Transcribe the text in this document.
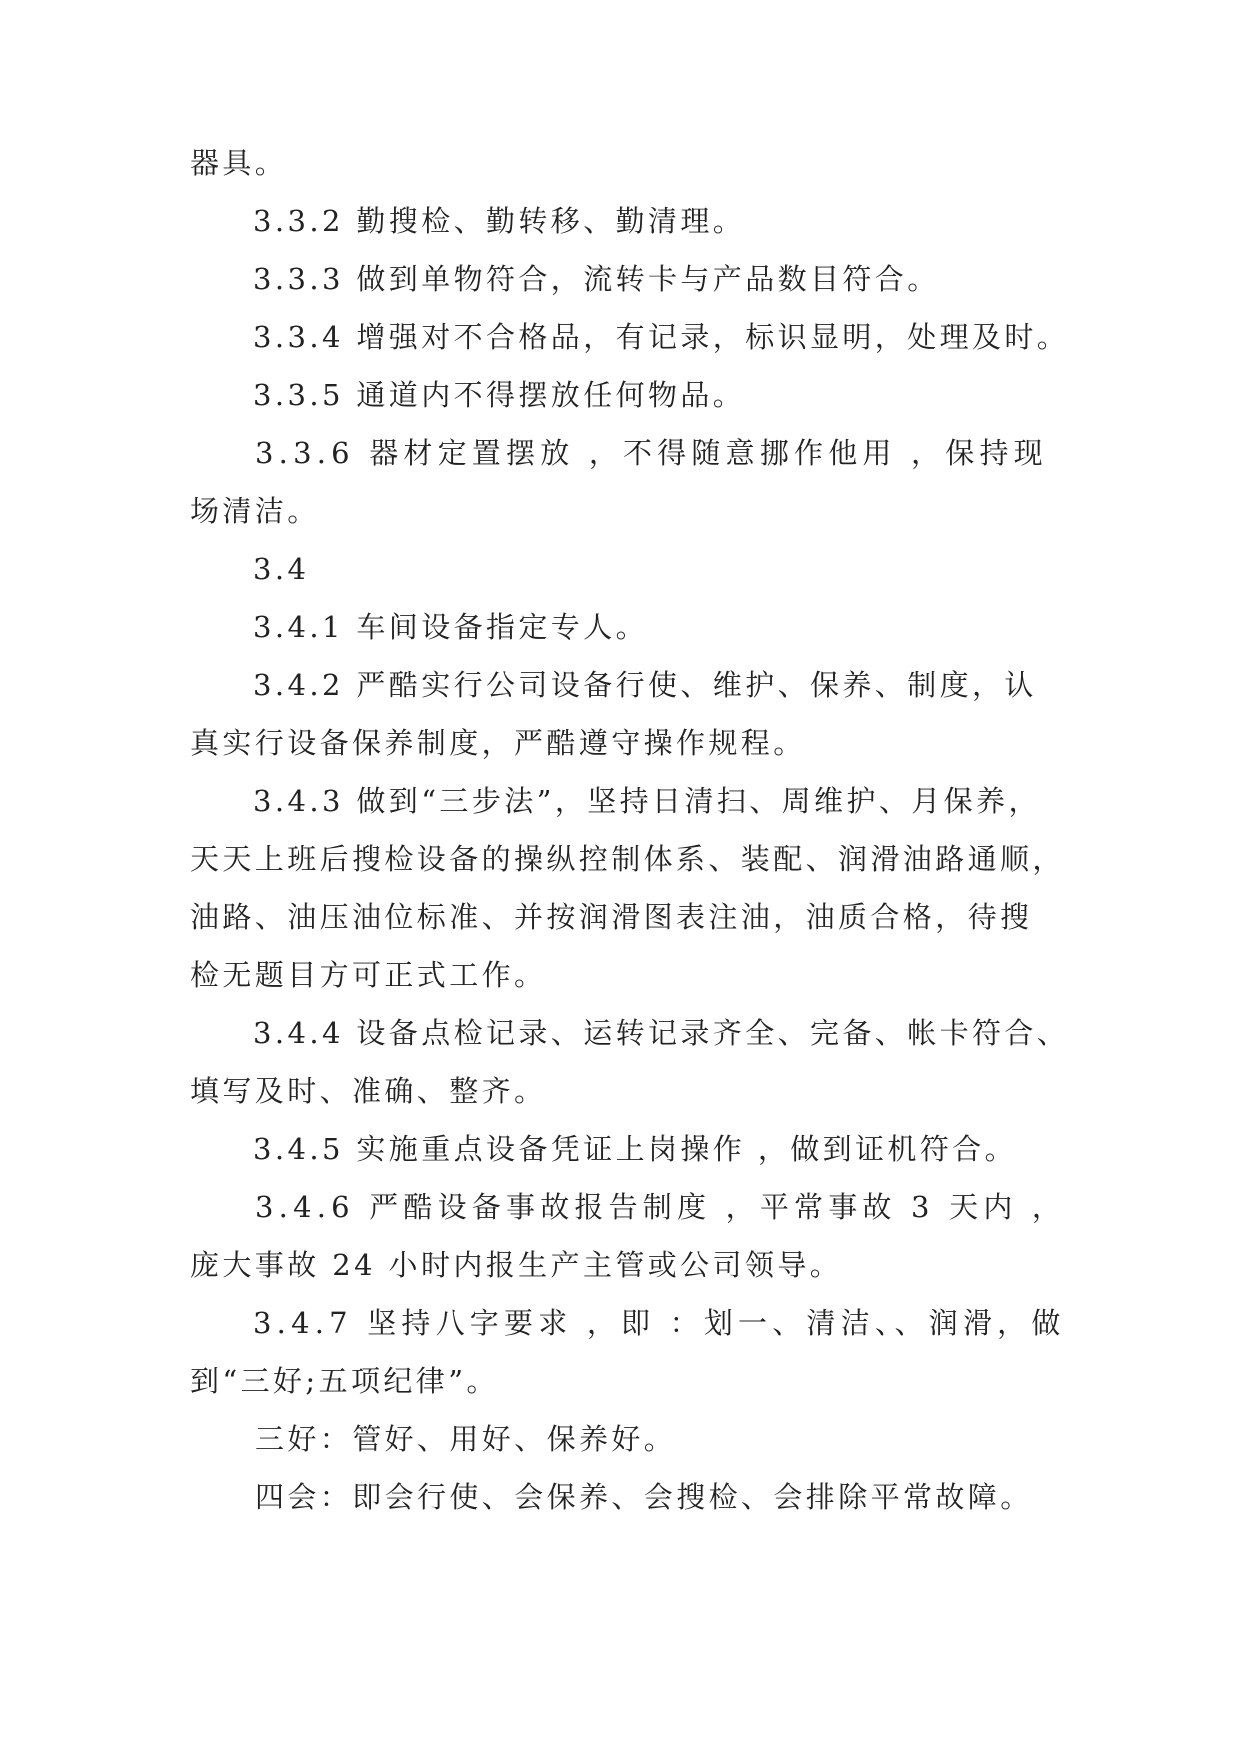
器具。
3.3.2 勤搜检、勤转移、勤清理。
3.3.3 做到单物符合，流转卡与产品数目符合。
3.3.4 增强对不合格品，有记录，标识显明，处理及时。
3.3.5 通道内不得摆放任何物品。
3.3.6 器材定置摆放 ，不得随意挪作他用 ，保持现
场清洁。
3.4
3.4.1 车间设备指定专人。
3.4.2 严酷实行公司设备行使、维护、保养、制度，认
真实行设备保养制度，严酷遵守操作规程。
3.4.3 做到“三步法”，坚持日清扫、周维护、月保养，
天天上班后搜检设备的操纵控制体系、装配、润滑油路通顺，
油路、油压油位标准、并按润滑图表注油，油质合格，待搜
检无题目方可正式工作。
3.4.4 设备点检记录、运转记录齐全、完备、帐卡符合、
填写及时、准确、整齐。
3.4.5 实施重点设备凭证上岗操作 ，做到证机符合。
3.4.6 严酷设备事故报告制度 ，平常事故 3 天内 ，
庞大事故 24 小时内报生产主管或公司领导。
3.4.7 坚持八字要求 ，即 ：划一、清洁、、润滑，做
到“三好;五项纪律”。
三好：管好、用好、保养好。
四会：即会行使、会保养、会搜检、会排除平常故障。
